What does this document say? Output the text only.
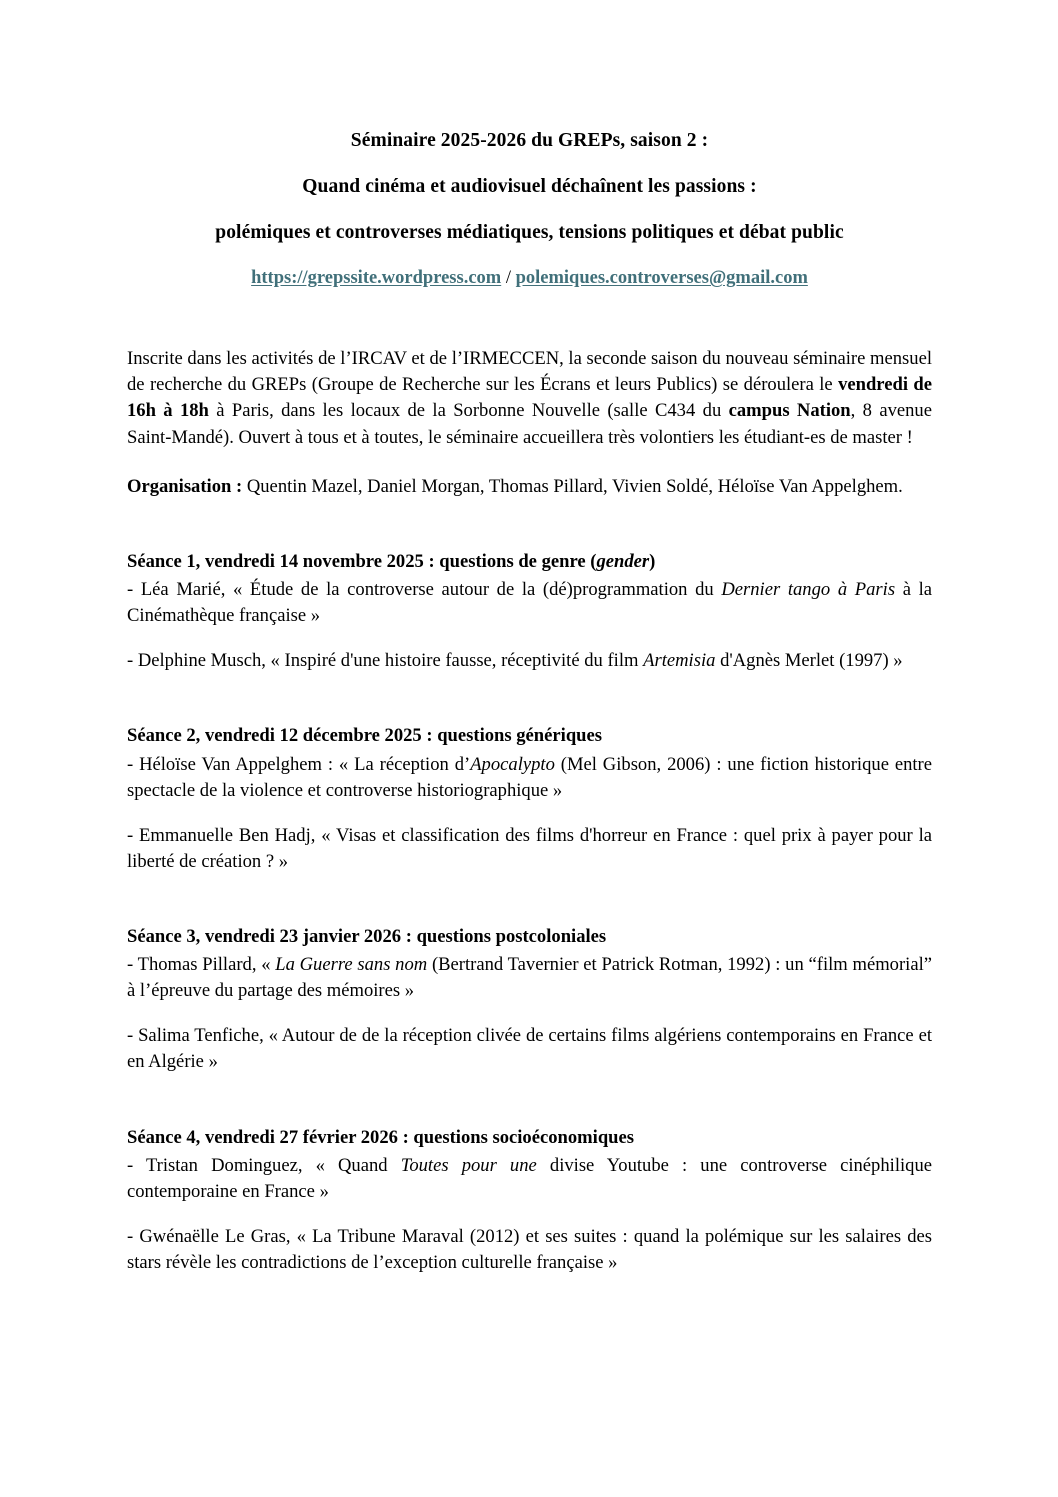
Séminaire 2025-2026 du GREPs, saison 2 :
Quand cinéma et audiovisuel déchaînent les passions :
polémiques et controverses médiatiques, tensions politiques et débat public
https://grepssite.wordpress.com / polemiques.controverses@gmail.com

Inscrite dans les activités de l’IRCAV et de l’IRMECCEN, la seconde saison du nouveau séminaire mensuel de recherche du GREPs (Groupe de Recherche sur les Écrans et leurs Publics) se déroulera le vendredi de 16h à 18h à Paris, dans les locaux de la Sorbonne Nouvelle (salle C434 du campus Nation, 8 avenue Saint-Mandé). Ouvert à tous et à toutes, le séminaire accueillera très volontiers les étudiant-es de master !

Organisation : Quentin Mazel, Daniel Morgan, Thomas Pillard, Vivien Soldé, Héloïse Van Appelghem.

Séance 1, vendredi 14 novembre 2025 : questions de genre (gender)

- Léa Marié, « Étude de la controverse autour de la (dé)programmation du Dernier tango à Paris à la Cinémathèque française »

- Delphine Musch, « Inspiré d'une histoire fausse, réceptivité du film Artemisia d'Agnès Merlet (1997) »

Séance 2, vendredi 12 décembre 2025 : questions génériques

- Héloïse Van Appelghem : « La réception d’Apocalypto (Mel Gibson, 2006) : une fiction historique entre spectacle de la violence et controverse historiographique »

- Emmanuelle Ben Hadj, « Visas et classification des films d'horreur en France : quel prix à payer pour la liberté de création ? »

Séance 3, vendredi 23 janvier 2026 : questions postcoloniales

- Thomas Pillard, « La Guerre sans nom (Bertrand Tavernier et Patrick Rotman, 1992) : un “film mémorial” à l’épreuve du partage des mémoires »

- Salima Tenfiche, « Autour de de la réception clivée de certains films algériens contemporains en France et en Algérie »

Séance 4, vendredi 27 février 2026 : questions socioéconomiques

- Tristan Dominguez, « Quand Toutes pour une divise Youtube : une controverse cinéphilique contemporaine en France »

- Gwénaëlle Le Gras, « La Tribune Maraval (2012) et ses suites : quand la polémique sur les salaires des stars révèle les contradictions de l’exception culturelle française »
